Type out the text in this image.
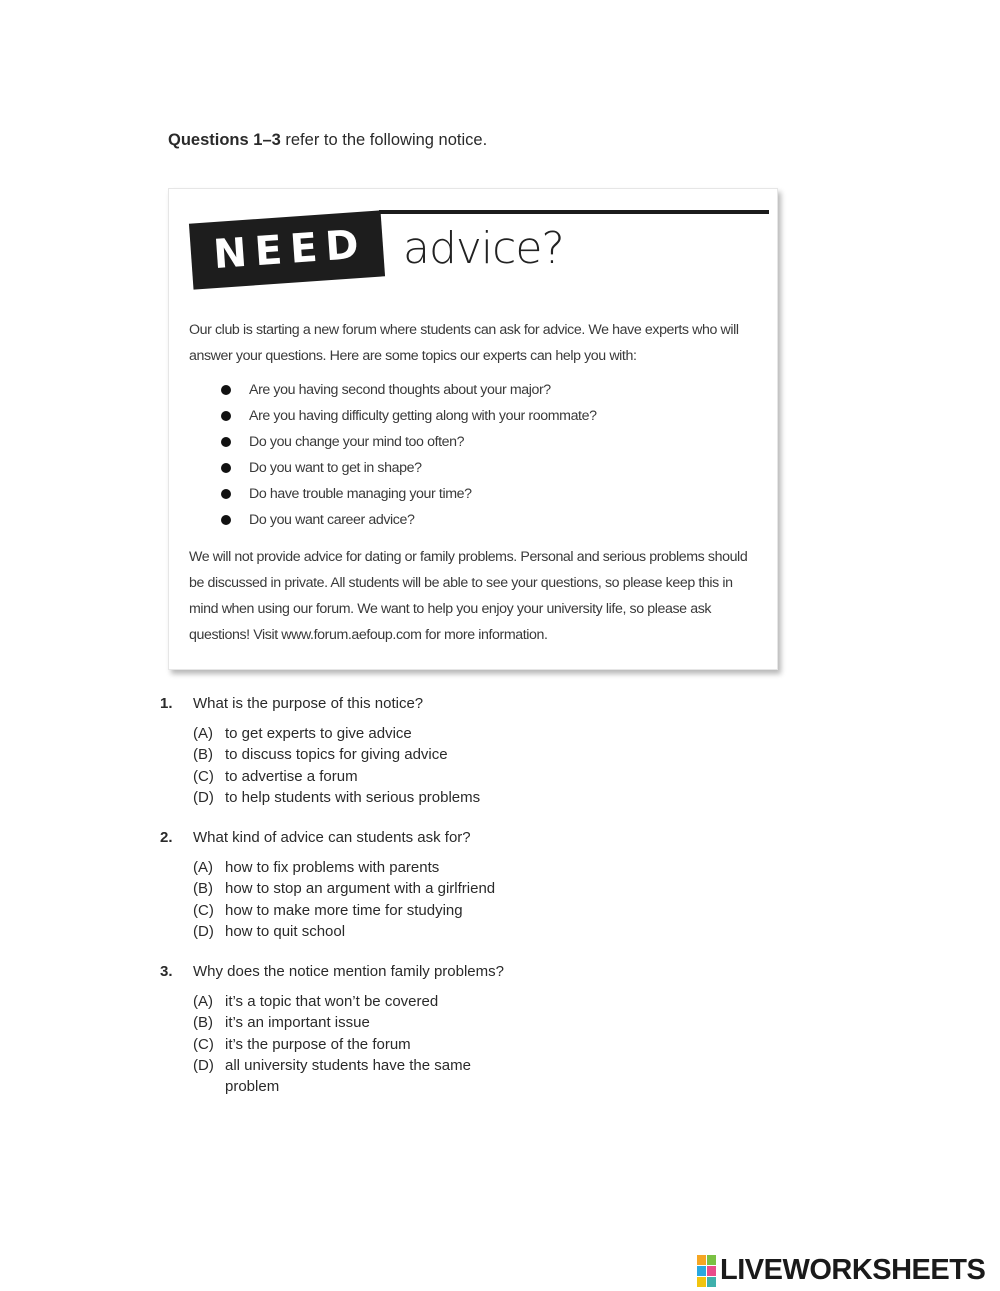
Questions 1–3 refer to the following notice.
NEED advice?
Our club is starting a new forum where students can ask for advice. We have experts who will answer your questions. Here are some topics our experts can help you with:
Are you having second thoughts about your major?
Are you having difficulty getting along with your roommate?
Do you change your mind too often?
Do you want to get in shape?
Do have trouble managing your time?
Do you want career advice?
We will not provide advice for dating or family problems. Personal and serious problems should be discussed in private. All students will be able to see your questions, so please keep this in mind when using our forum. We want to help you enjoy your university life, so please ask questions! Visit www.forum.aefoup.com for more information.
1. What is the purpose of this notice?
(A) to get experts to give advice
(B) to discuss topics for giving advice
(C) to advertise a forum
(D) to help students with serious problems
2. What kind of advice can students ask for?
(A) how to fix problems with parents
(B) how to stop an argument with a girlfriend
(C) how to make more time for studying
(D) how to quit school
3. Why does the notice mention family problems?
(A) it’s a topic that won’t be covered
(B) it’s an important issue
(C) it’s the purpose of the forum
(D) all university students have the same problem
LIVEWORKSHEETS
